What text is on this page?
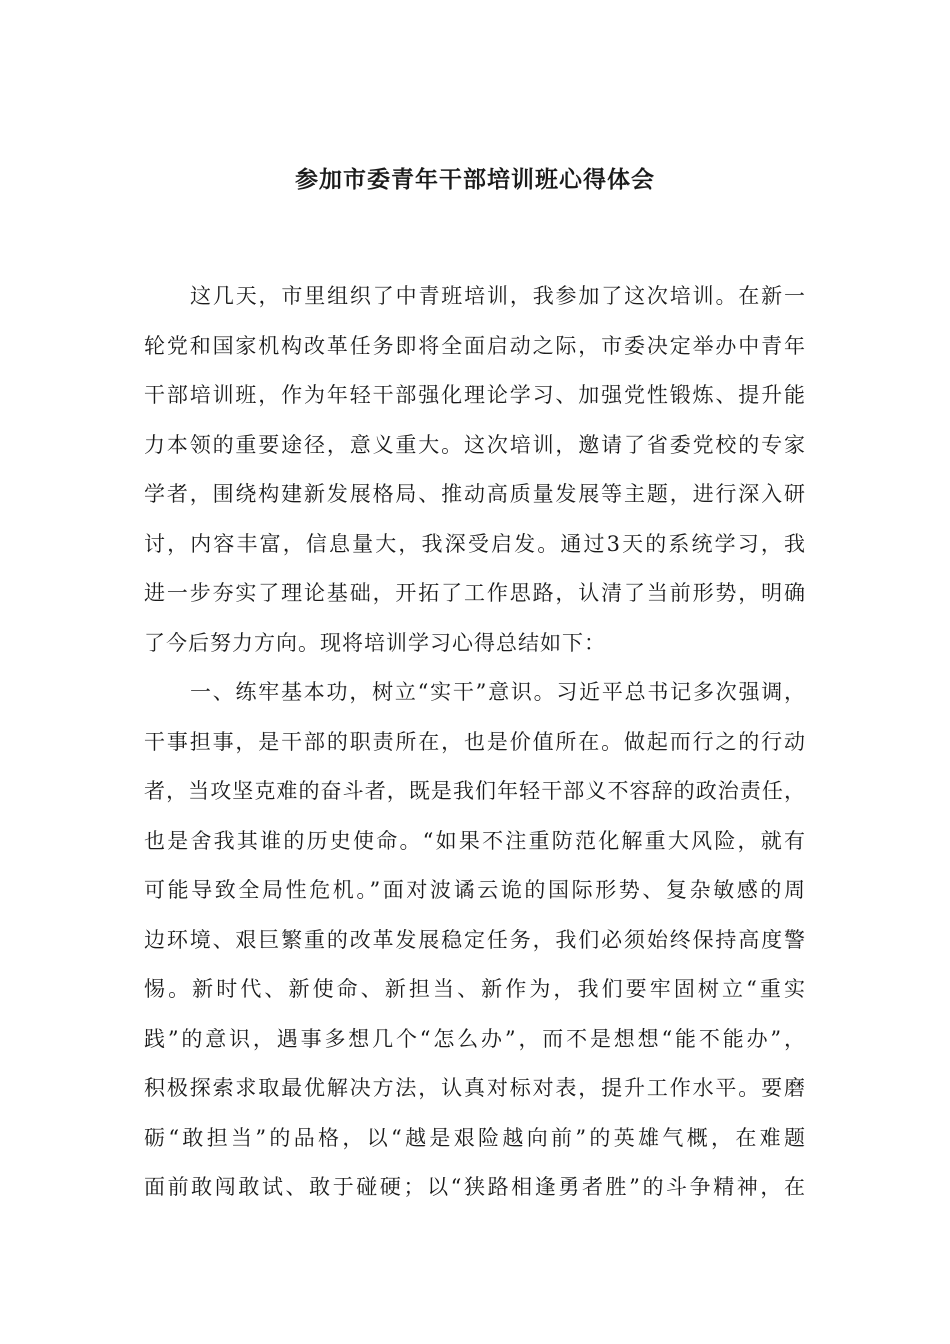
参加市委青年干部培训班心得体会

这几天，市里组织了中青班培训，我参加了这次培训。在新一

轮党和国家机构改革任务即将全面启动之际，市委决定举办中青年

干部培训班，作为年轻干部强化理论学习、加强党性锻炼、提升能

力本领的重要途径，意义重大。这次培训，邀请了省委党校的专家

学者，围绕构建新发展格局、推动高质量发展等主题，进行深入研

讨，内容丰富，信息量大，我深受启发。通过3天的系统学习，我

进一步夯实了理论基础，开拓了工作思路，认清了当前形势，明确

了今后努力方向。现将培训学习心得总结如下：

一、练牢基本功，树立“实干”意识。习近平总书记多次强调，

干事担事，是干部的职责所在，也是价值所在。做起而行之的行动

者，当攻坚克难的奋斗者，既是我们年轻干部义不容辞的政治责任，

也是舍我其谁的历史使命。“如果不注重防范化解重大风险，就有

可能导致全局性危机。”面对波谲云诡的国际形势、复杂敏感的周

边环境、艰巨繁重的改革发展稳定任务，我们必须始终保持高度警

惕。新时代、新使命、新担当、新作为，我们要牢固树立“重实

践”的意识，遇事多想几个“怎么办”，而不是想想“能不能办”，

积极探索求取最优解决方法，认真对标对表，提升工作水平。要磨

砺“敢担当”的品格，以“越是艰险越向前”的英雄气概，在难题

面前敢闯敢试、敢于碰硬；以“狭路相逢勇者胜”的斗争精神，在
